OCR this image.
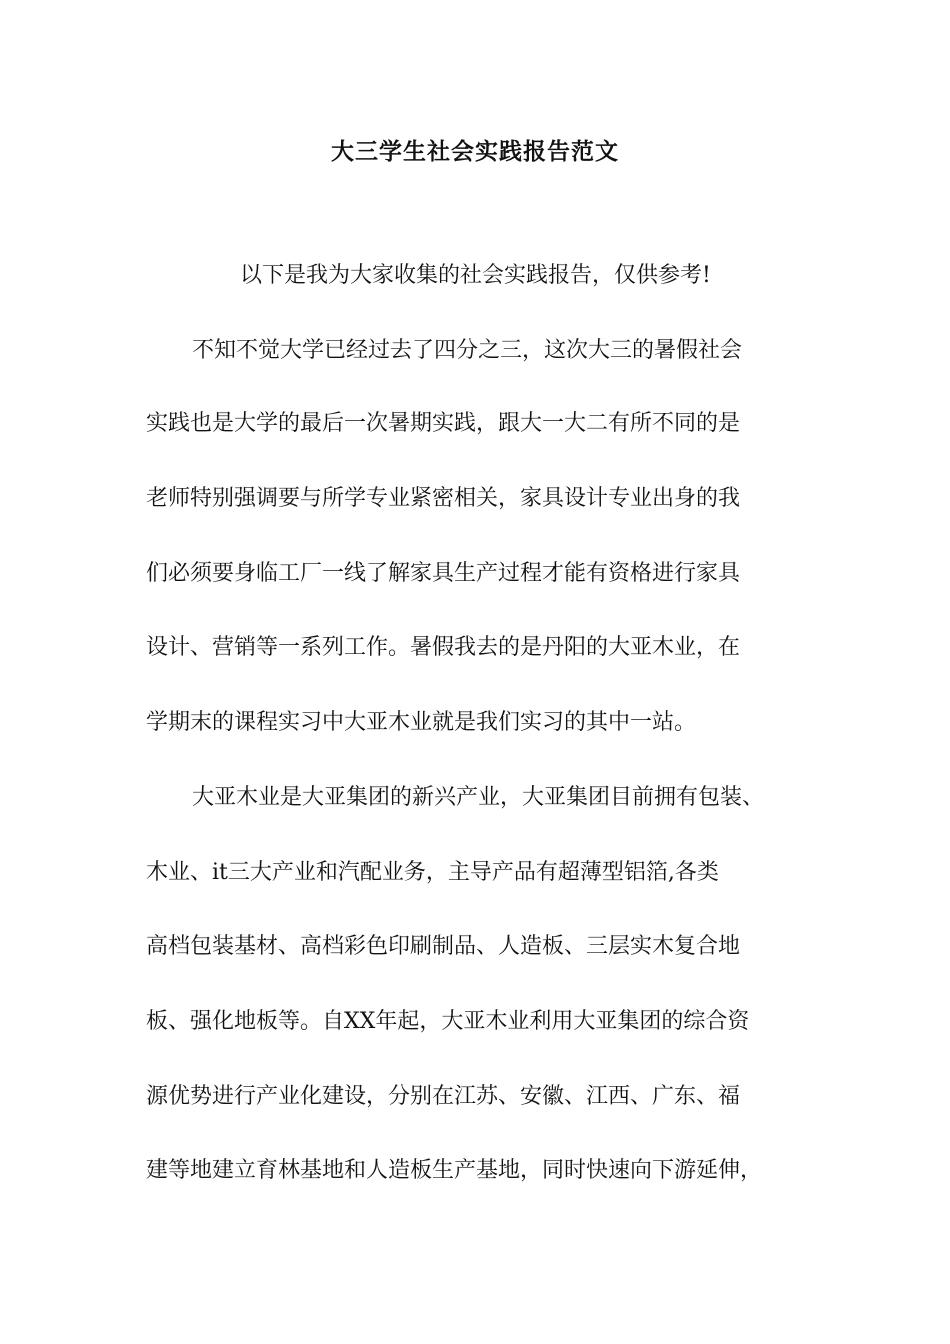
大三学生社会实践报告范文
以下是我为大家收集的社会实践报告，仅供参考!
不知不觉大学已经过去了四分之三，这次大三的暑假社会
实践也是大学的最后一次暑期实践，跟大一大二有所不同的是
老师特别强调要与所学专业紧密相关，家具设计专业出身的我
们必须要身临工厂一线了解家具生产过程才能有资格进行家具
设计、营销等一系列工作。暑假我去的是丹阳的大亚木业，在
学期末的课程实习中大亚木业就是我们实习的其中一站。
大亚木业是大亚集团的新兴产业，大亚集团目前拥有包装、
木业、it三大产业和汽配业务，主导产品有超薄型铝箔,各类
高档包装基材、高档彩色印刷制品、人造板、三层实木复合地
板、强化地板等。自XX年起，大亚木业利用大亚集团的综合资
源优势进行产业化建设，分别在江苏、安徽、江西、广东、福
建等地建立育林基地和人造板生产基地，同时快速向下游延伸，
